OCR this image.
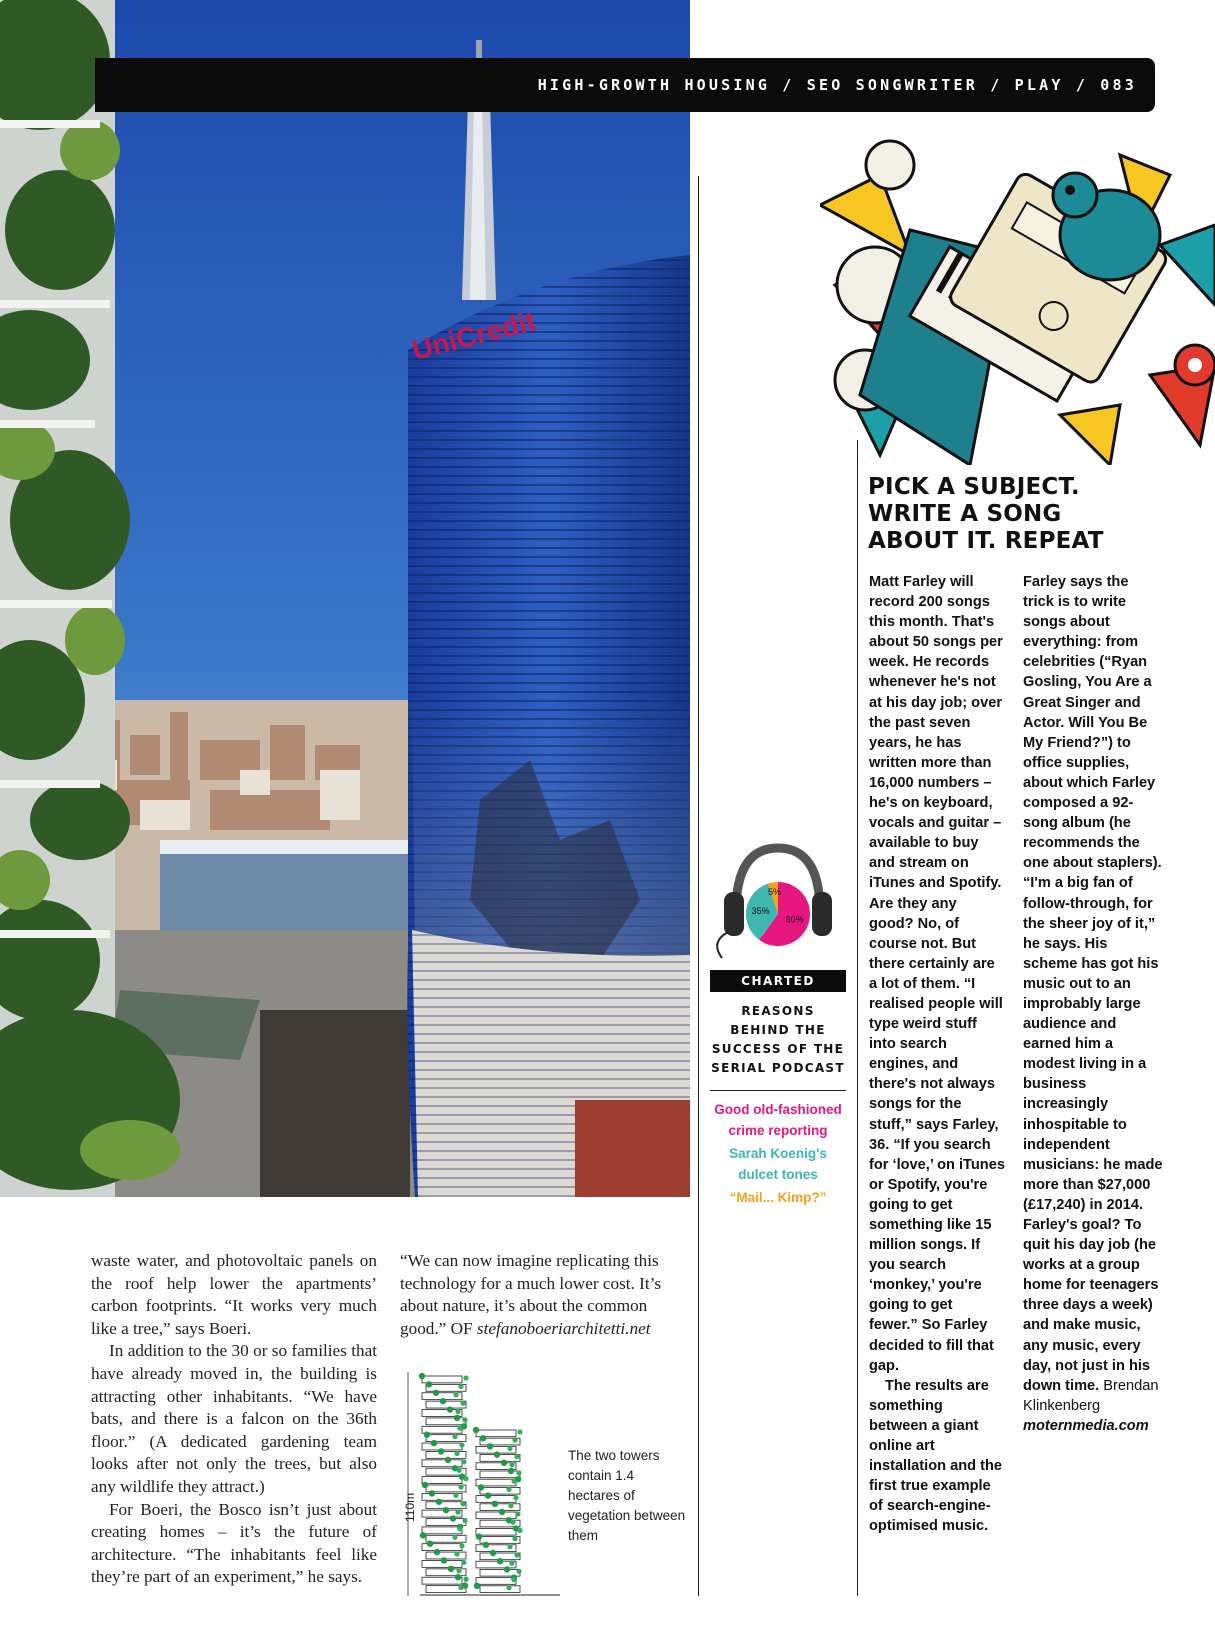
UniCredit
HIGH-GROWTH HOUSING / SEO SONGWRITER / PLAY / 083
PICK A SUBJECT.
WRITE A SONG
ABOUT IT. REPEAT

Matt Farley will record 200 songs this month. That's about 50 songs per week. He records whenever he's not at his day job; over the past seven years, he has written more than 16,000 numbers – he's on keyboard, vocals and guitar – available to buy and stream on iTunes and Spotify. Are they any good? No, of course not. But there certainly are a lot of them. “I realised people will type weird stuff into search engines, and there's not always songs for the stuff,” says Farley, 36. “If you search for ‘love,’ on iTunes or Spotify, you're going to get something like 15 million songs. If you search ‘monkey,’ you're going to get fewer.” So Farley decided to fill that gap.

The results are something between a giant online art installation and the first true example of search-engine-optimised music.

Farley says the trick is to write songs about everything: from celebrities (“Ryan Gosling, You Are a Great Singer and Actor. Will You Be My Friend?”) to office supplies, about which Farley composed a 92-song album (he recommends the one about staplers). “I'm a big fan of follow-through, for the sheer joy of it,” he says. His scheme has got his music out to an improbably large audience and earned him a modest living in a business increasingly inhospitable to independent musicians: he made more than $27,000 (£17,240) in 2014. Farley's goal? To quit his day job (he works at a group home for teenagers three days a week) and make music, any music, every day, not just in his down time. Brendan Klinkenberg
moternmedia.com

waste water, and photovoltaic panels on the roof help lower the apartments’ carbon footprints. “It works very much like a tree,” says Boeri.

In addition to the 30 or so families that have already moved in, the building is attracting other inhabitants. “We have bats, and there is a falcon on the 36th floor.” (A dedicated gardening team looks after not only the trees, but also any wildlife they attract.)

For Boeri, the Bosco isn’t just about creating homes – it’s the future of architecture. “The inhabitants feel like they’re part of an experiment,” he says.

“We can now imagine replicating this technology for a much lower cost. It’s about nature, it’s about the common good.” OF stefanoboeriarchitetti.net

60%
35%
5%
CHARTED
REASONS BEHIND THE SUCCESS OF THE SERIAL PODCAST
Good old-fashioned crime reporting
Sarah Koenig's dulcet tones
“Mail... Kimp?”
110m
The two towers contain 1.4 hectares of vegetation between them
